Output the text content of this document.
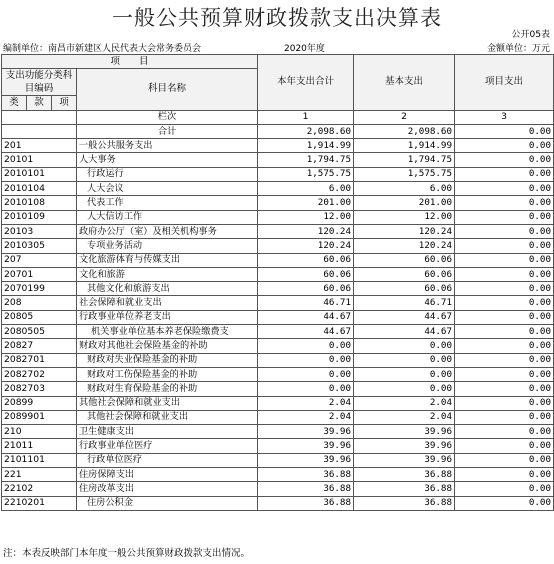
一般公共预算财政拨款支出决算表
公开05表
编制单位：南昌市新建区人民代表大会常务委员会	2020年度	金额单位：万元
项　　目				本年支出合计	基本支出	项目支出
支出功能分类科目编码			科目名称			

类	款	项				
			栏次	1	2	3
			合计	2,098.60	2,098.60	0.00
201			一般公共服务支出	1,914.99	1,914.99	0.00
20101			人大事务	1,794.75	1,794.75	0.00
2010101			行政运行	1,575.75	1,575.75	0.00
2010104			人大会议	6.00	6.00	0.00
2010108			代表工作	201.00	201.00	0.00
2010109			人大信访工作	12.00	12.00	0.00
20103			政府办公厅（室）及相关机构事务	120.24	120.24	0.00
2010305			专项业务活动	120.24	120.24	0.00
207			文化旅游体育与传媒支出	60.06	60.06	0.00
20701			文化和旅游	60.06	60.06	0.00
2070199			其他文化和旅游支出	60.06	60.06	0.00
208			社会保障和就业支出	46.71	46.71	0.00
20805			行政事业单位养老支出	44.67	44.67	0.00
2080505			机关事业单位基本养老保险缴费支	44.67	44.67	0.00
20827			财政对其他社会保险基金的补助	0.00	0.00	0.00
2082701			财政对失业保险基金的补助	0.00	0.00	0.00
2082702			财政对工伤保险基金的补助	0.00	0.00	0.00
2082703			财政对生育保险基金的补助	0.00	0.00	0.00
20899			其他社会保障和就业支出	2.04	2.04	0.00
2089901			其他社会保障和就业支出	2.04	2.04	0.00
210			卫生健康支出	39.96	39.96	0.00
21011			行政事业单位医疗	39.96	39.96	0.00
2101101			行政单位医疗	39.96	39.96	0.00
221			住房保障支出	36.88	36.88	0.00
22102			住房改革支出	36.88	36.88	0.00
2210201			住房公积金	36.88	36.88	0.00
注：本表反映部门本年度一般公共预算财政拨款支出情况。
